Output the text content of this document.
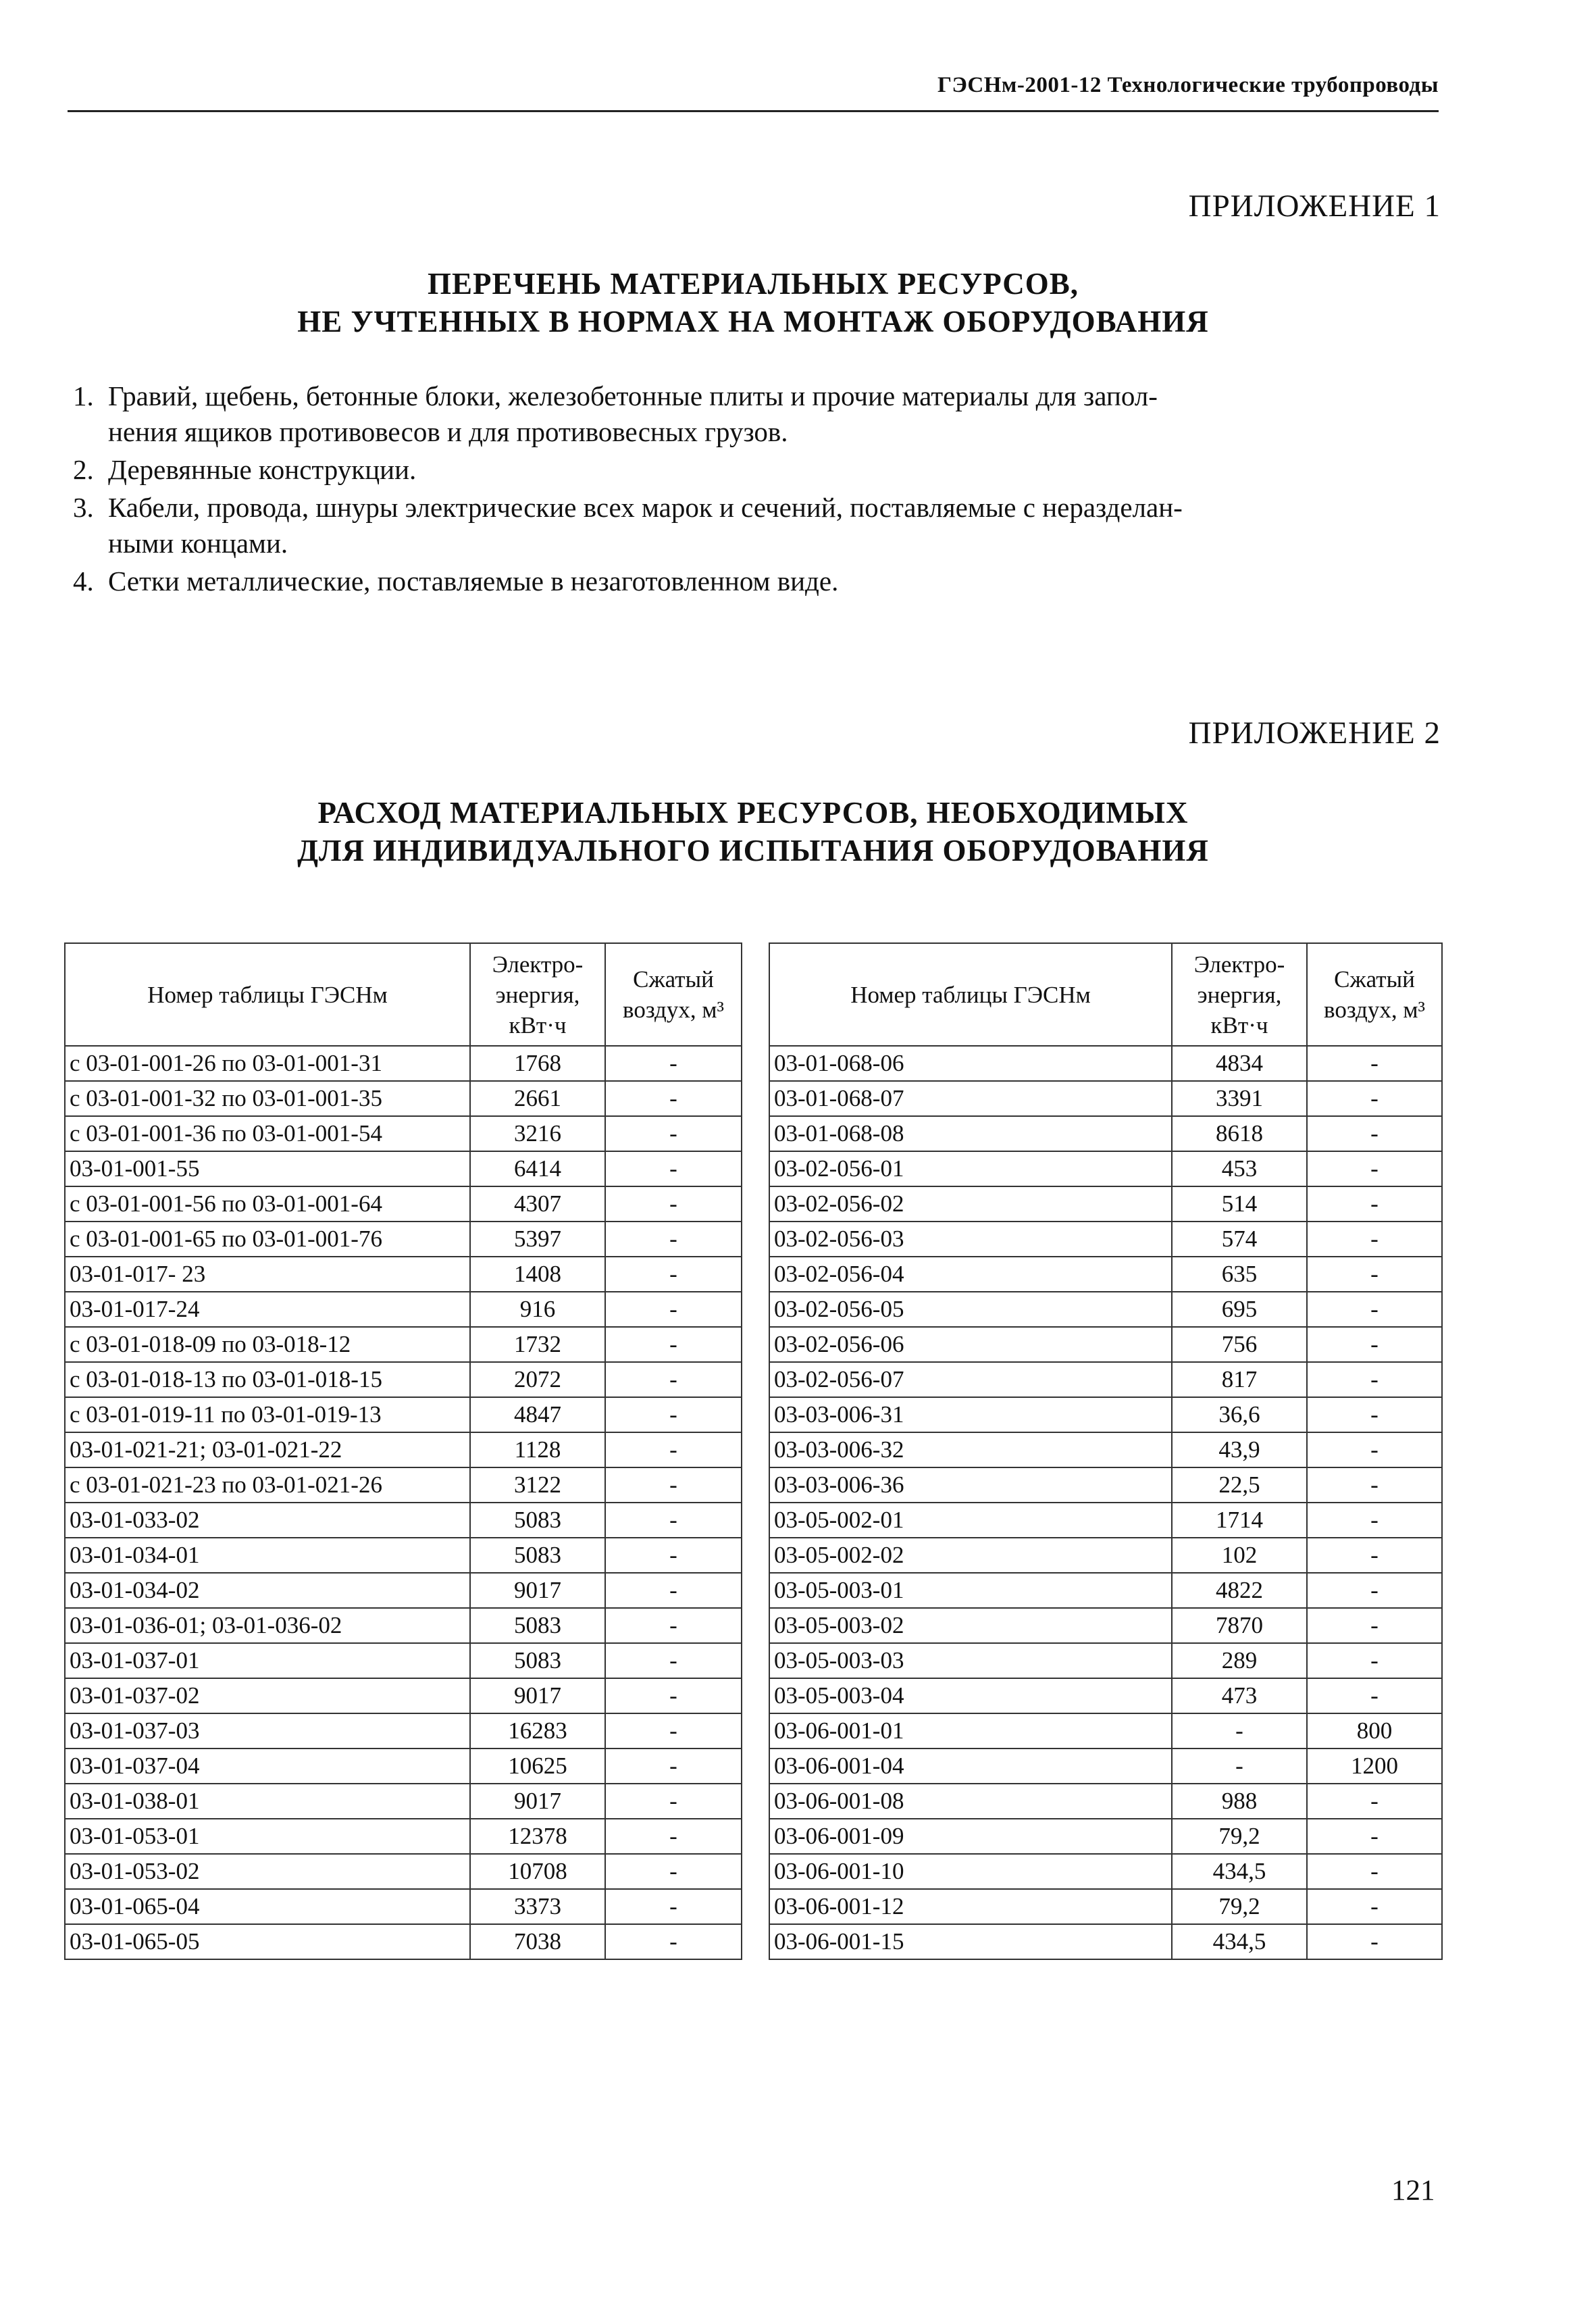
ГЭСНм-2001-12 Технологические трубопроводы
ПРИЛОЖЕНИЕ 1
ПЕРЕЧЕНЬ МАТЕРИАЛЬНЫХ РЕСУРСОВ,
НЕ УЧТЕННЫХ В НОРМАХ НА МОНТАЖ ОБОРУДОВАНИЯ
1. Гравий, щебень, бетонные блоки, железобетонные плиты и прочие материалы для запол-
нения ящиков противовесов и для противовесных грузов.
2. Деревянные конструкции.
3. Кабели, провода, шнуры электрические всех марок и сечений, поставляемые с неразделан-
ными концами.
4. Сетки металлические, поставляемые в незаготовленном виде.
ПРИЛОЖЕНИЕ 2
РАСХОД МАТЕРИАЛЬНЫХ РЕСУРСОВ, НЕОБХОДИМЫХ
ДЛЯ ИНДИВИДУАЛЬНОГО ИСПЫТАНИЯ ОБОРУДОВАНИЯ
Номер таблицы ГЭСНм	Электро-
энергия,
кВт·ч	Сжатый
воздух, м³

с 03-01-001-26 по 03-01-001-31	1768	-
с 03-01-001-32 по 03-01-001-35	2661	-
с 03-01-001-36 по 03-01-001-54	3216	-
03-01-001-55	6414	-
с 03-01-001-56 по 03-01-001-64	4307	-
с 03-01-001-65 по 03-01-001-76	5397	-
03-01-017- 23	1408	-
03-01-017-24	916	-
с 03-01-018-09 по 03-018-12	1732	-
с 03-01-018-13 по 03-01-018-15	2072	-
с 03-01-019-11 по 03-01-019-13	4847	-
03-01-021-21; 03-01-021-22	1128	-
с 03-01-021-23 по 03-01-021-26	3122	-
03-01-033-02	5083	-
03-01-034-01	5083	-
03-01-034-02	9017	-
03-01-036-01; 03-01-036-02	5083	-
03-01-037-01	5083	-
03-01-037-02	9017	-
03-01-037-03	16283	-
03-01-037-04	10625	-
03-01-038-01	9017	-
03-01-053-01	12378	-
03-01-053-02	10708	-
03-01-065-04	3373	-
03-01-065-05	7038	-
Номер таблицы ГЭСНм	Электро-
энергия,
кВт·ч	Сжатый
воздух, м³

03-01-068-06	4834	-
03-01-068-07	3391	-
03-01-068-08	8618	-
03-02-056-01	453	-
03-02-056-02	514	-
03-02-056-03	574	-
03-02-056-04	635	-
03-02-056-05	695	-
03-02-056-06	756	-
03-02-056-07	817	-
03-03-006-31	36,6	-
03-03-006-32	43,9	-
03-03-006-36	22,5	-
03-05-002-01	1714	-
03-05-002-02	102	-
03-05-003-01	4822	-
03-05-003-02	7870	-
03-05-003-03	289	-
03-05-003-04	473	-
03-06-001-01	-	800
03-06-001-04	-	1200
03-06-001-08	988	-
03-06-001-09	79,2	-
03-06-001-10	434,5	-
03-06-001-12	79,2	-
03-06-001-15	434,5	-
121
